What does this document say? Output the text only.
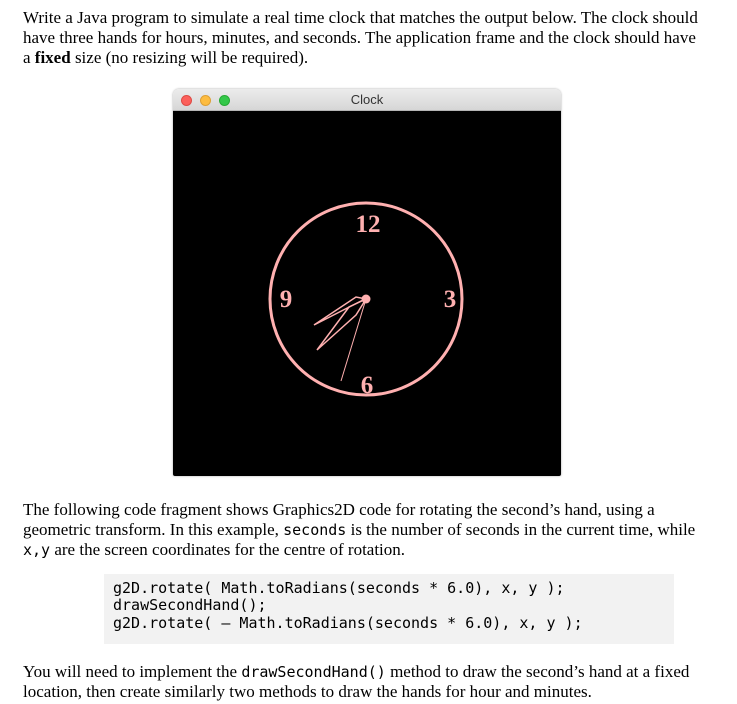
Write a Java program to simulate a real time clock that matches the output below. The clock should
have three hands for hours, minutes, and seconds. The application frame and the clock should have
a fixed size (no resizing will be required).
Clock
12
3
6
9
The following code fragment shows Graphics2D code for rotating the second’s hand, using a
geometric transform. In this example, seconds is the number of seconds in the current time, while
x,y are the screen coordinates for the centre of rotation.
g2D.rotate( Math.toRadians(seconds * 6.0), x, y );
drawSecondHand();
g2D.rotate( – Math.toRadians(seconds * 6.0), x, y );
You will need to implement the drawSecondHand() method to draw the second’s hand at a fixed
location, then create similarly two methods to draw the hands for hour and minutes.
